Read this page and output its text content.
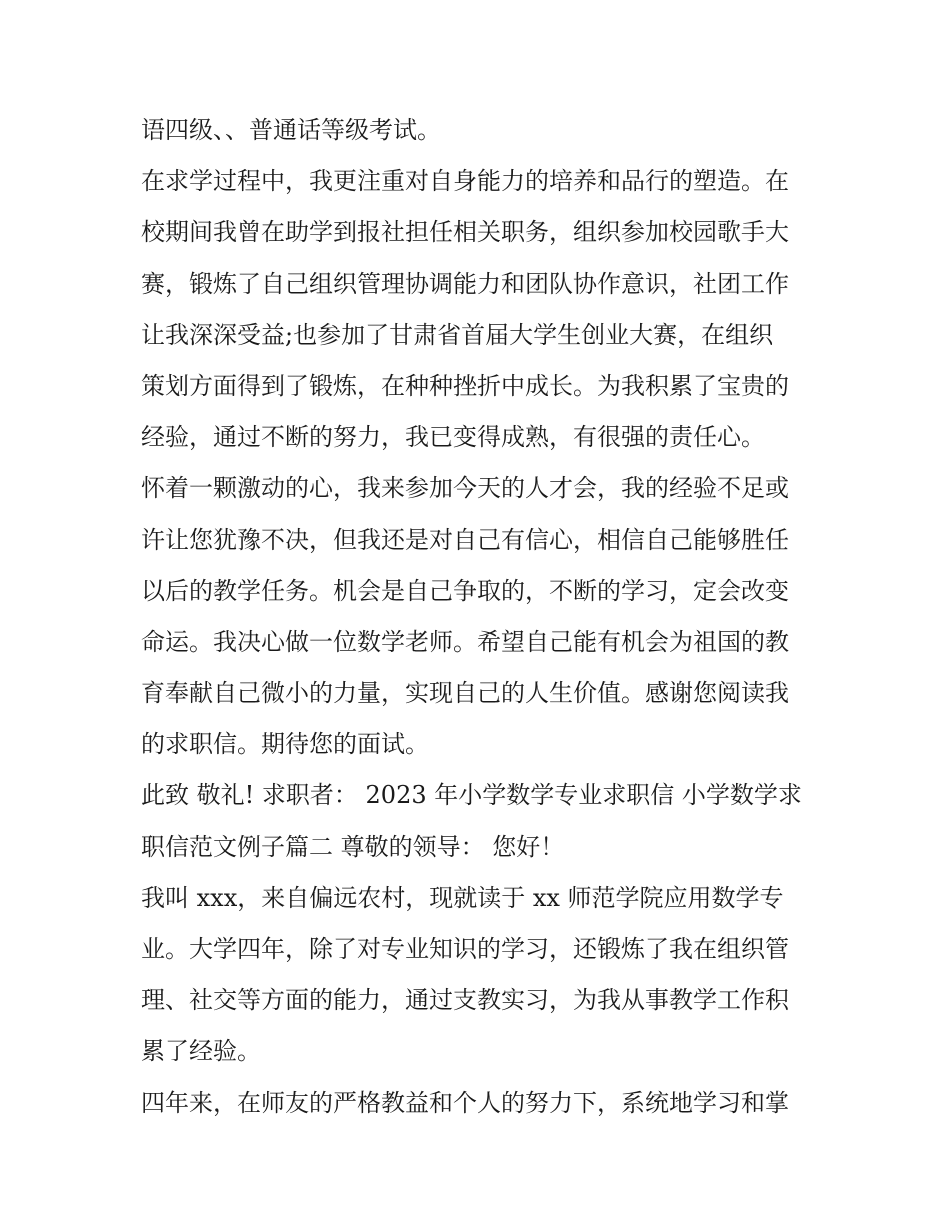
语四级、、普通话等级考试。
在求学过程中，我更注重对自身能力的培养和品行的塑造。在
校期间我曾在助学到报社担任相关职务，组织参加校园歌手大
赛，锻炼了自己组织管理协调能力和团队协作意识，社团工作
让我深深受益;也参加了甘肃省首届大学生创业大赛，在组织
策划方面得到了锻炼，在种种挫折中成长。为我积累了宝贵的
经验，通过不断的努力，我已变得成熟，有很强的责任心。
怀着一颗激动的心，我来参加今天的人才会，我的经验不足或
许让您犹豫不决，但我还是对自己有信心，相信自己能够胜任
以后的教学任务。机会是自己争取的，不断的学习，定会改变
命运。我决心做一位数学老师。希望自己能有机会为祖国的教
育奉献自己微小的力量，实现自己的人生价值。感谢您阅读我
的求职信。期待您的面试。
此致 敬礼! 求职者： 2023 年小学数学专业求职信 小学数学求
职信范文例子篇二 尊敬的领导： 您好！
我叫 xxx，来自偏远农村，现就读于 xx 师范学院应用数学专
业。大学四年，除了对专业知识的学习，还锻炼了我在组织管
理、社交等方面的能力，通过支教实习，为我从事教学工作积
累了经验。
四年来，在师友的严格教益和个人的努力下，系统地学习和掌
